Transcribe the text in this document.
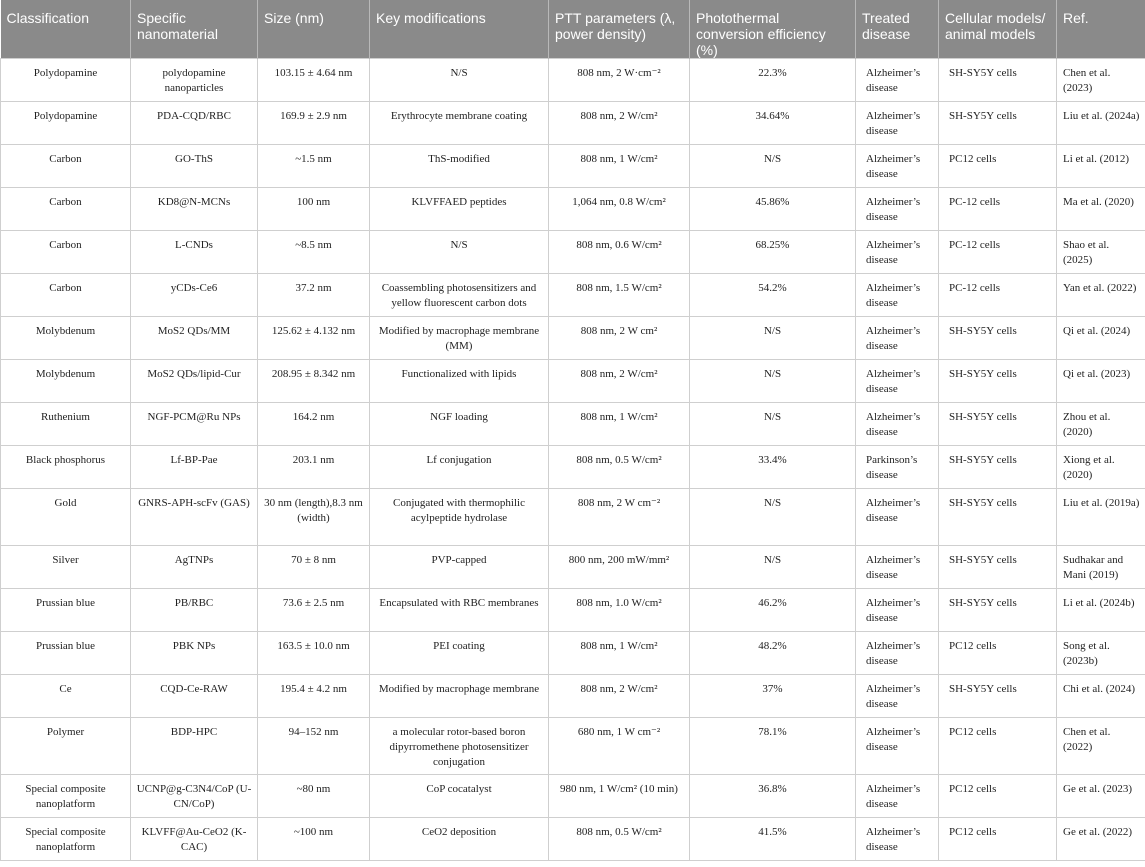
Classification	Specific nanomaterial	Size (nm)	Key modifications	PTT parameters (λ, power density)	Photothermal conversion efficiency (%)	Treated disease	Cellular models/ animal models	Ref.
Polydopamine	polydopamine nanoparticles	103.15 ± 4.64 nm	N/S	808 nm, 2 W·cm⁻²	22.3%	Alzheimer’s disease	SH-SY5Y cells	Chen et al. (2023)
Polydopamine	PDA-CQD/RBC	169.9 ± 2.9 nm	Erythrocyte membrane coating	808 nm, 2 W/cm²	34.64%	Alzheimer’s disease	SH-SY5Y cells	Liu et al. (2024a)
Carbon	GO-ThS	~1.5 nm	ThS-modified	808 nm, 1 W/cm²	N/S	Alzheimer’s disease	PC12 cells	Li et al. (2012)
Carbon	KD8@N-MCNs	100 nm	KLVFFAED peptides	1,064 nm, 0.8 W/cm²	45.86%	Alzheimer’s disease	PC-12 cells	Ma et al. (2020)
Carbon	L-CNDs	~8.5 nm	N/S	808 nm, 0.6 W/cm²	68.25%	Alzheimer’s disease	PC-12 cells	Shao et al. (2025)
Carbon	yCDs-Ce6	37.2 nm	Coassembling photosensitizers and yellow fluorescent carbon dots	808 nm, 1.5 W/cm²	54.2%	Alzheimer’s disease	PC-12 cells	Yan et al. (2022)
Molybdenum	MoS2 QDs/MM	125.62 ± 4.132 nm	Modified by macrophage membrane (MM)	808 nm, 2 W cm²	N/S	Alzheimer’s disease	SH-SY5Y cells	Qi et al. (2024)
Molybdenum	MoS2 QDs/lipid-Cur	208.95 ± 8.342 nm	Functionalized with lipids	808 nm, 2 W/cm²	N/S	Alzheimer’s disease	SH-SY5Y cells	Qi et al. (2023)
Ruthenium	NGF-PCM@Ru NPs	164.2 nm	NGF loading	808 nm, 1 W/cm²	N/S	Alzheimer’s disease	SH-SY5Y cells	Zhou et al. (2020)
Black phosphorus	Lf-BP-Pae	203.1 nm	Lf conjugation	808 nm, 0.5 W/cm²	33.4%	Parkinson’s disease	SH-SY5Y cells	Xiong et al. (2020)
Gold	GNRS-APH-scFv (GAS)	30 nm (length),8.3 nm (width)	Conjugated with thermophilic acylpeptide hydrolase	808 nm, 2 W cm⁻²	N/S	Alzheimer’s disease	SH-SY5Y cells	Liu et al. (2019a)
Silver	AgTNPs	70 ± 8 nm	PVP-capped	800 nm, 200 mW/mm²	N/S	Alzheimer’s disease	SH-SY5Y cells	Sudhakar and Mani (2019)
Prussian blue	PB/RBC	73.6 ± 2.5 nm	Encapsulated with RBC membranes	808 nm, 1.0 W/cm²	46.2%	Alzheimer’s disease	SH-SY5Y cells	Li et al. (2024b)
Prussian blue	PBK NPs	163.5 ± 10.0 nm	PEI coating	808 nm, 1 W/cm²	48.2%	Alzheimer’s disease	PC12 cells	Song et al. (2023b)
Ce	CQD-Ce-RAW	195.4 ± 4.2 nm	Modified by macrophage membrane	808 nm, 2 W/cm²	37%	Alzheimer’s disease	SH-SY5Y cells	Chi et al. (2024)
Polymer	BDP-HPC	94–152 nm	a molecular rotor-based boron dipyrromethene photosensitizer conjugation	680 nm, 1 W cm⁻²	78.1%	Alzheimer’s disease	PC12 cells	Chen et al. (2022)
Special composite nanoplatform	UCNP@g-C3N4/CoP (U-CN/CoP)	~80 nm	CoP cocatalyst	980 nm, 1 W/cm² (10 min)	36.8%	Alzheimer’s disease	PC12 cells	Ge et al. (2023)
Special composite nanoplatform	KLVFF@Au-CeO2 (K-CAC)	~100 nm	CeO2 deposition	808 nm, 0.5 W/cm²	41.5%	Alzheimer’s disease	PC12 cells	Ge et al. (2022)
